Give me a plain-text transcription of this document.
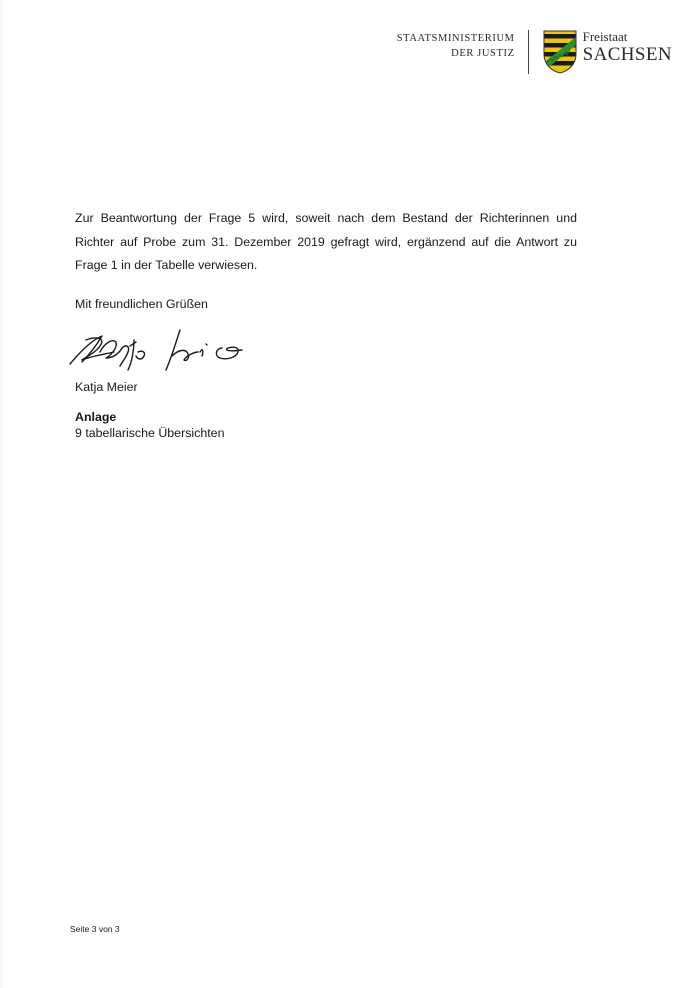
STAATSMINISTERIUM
DER JUSTIZ
Freistaat
SACHSEN

Zur Beantwortung der Frage 5 wird, soweit nach dem Bestand der Richterinnen und Richter auf Probe zum 31. Dezember 2019 gefragt wird, ergänzend auf die Antwort zu Frage 1 in der Tabelle verwiesen.

Mit freundlichen Grüßen
Katja Meier
Anlage
9 tabellarische Übersichten
Seite 3 von 3
